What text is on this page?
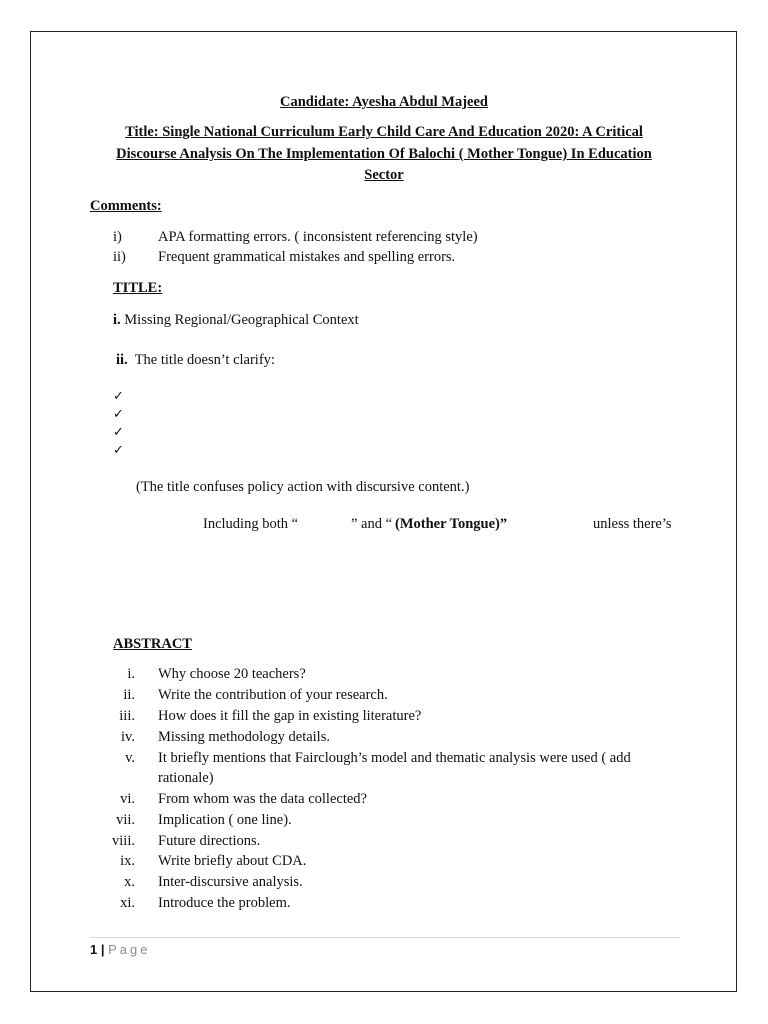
Candidate: Ayesha Abdul Majeed
Title: Single National Curriculum Early Child Care And Education 2020: A Critical
Discourse Analysis On The Implementation Of Balochi ( Mother Tongue) In Education
Sector
Comments:
i) APA formatting errors. ( inconsistent referencing style)
ii) Frequent grammatical mistakes and spelling errors.
TITLE:
i. Missing Regional/Geographical Context
ii. The title doesn’t clarify:
✓
✓
✓
✓
(The title confuses policy action with discursive content.)
Including both “	” and “ (Mother Tongue)”	unless there’s
ABSTRACT
i. Why choose 20 teachers?
ii. Write the contribution of your research.
iii. How does it fill the gap in existing literature?
iv. Missing methodology details.
v. It briefly mentions that Fairclough’s model and thematic analysis were used ( add
rationale)
vi. From whom was the data collected?
vii. Implication ( one line).
viii. Future directions.
ix. Write briefly about CDA.
x. Inter-discursive analysis.
xi. Introduce the problem.
1 | Page
